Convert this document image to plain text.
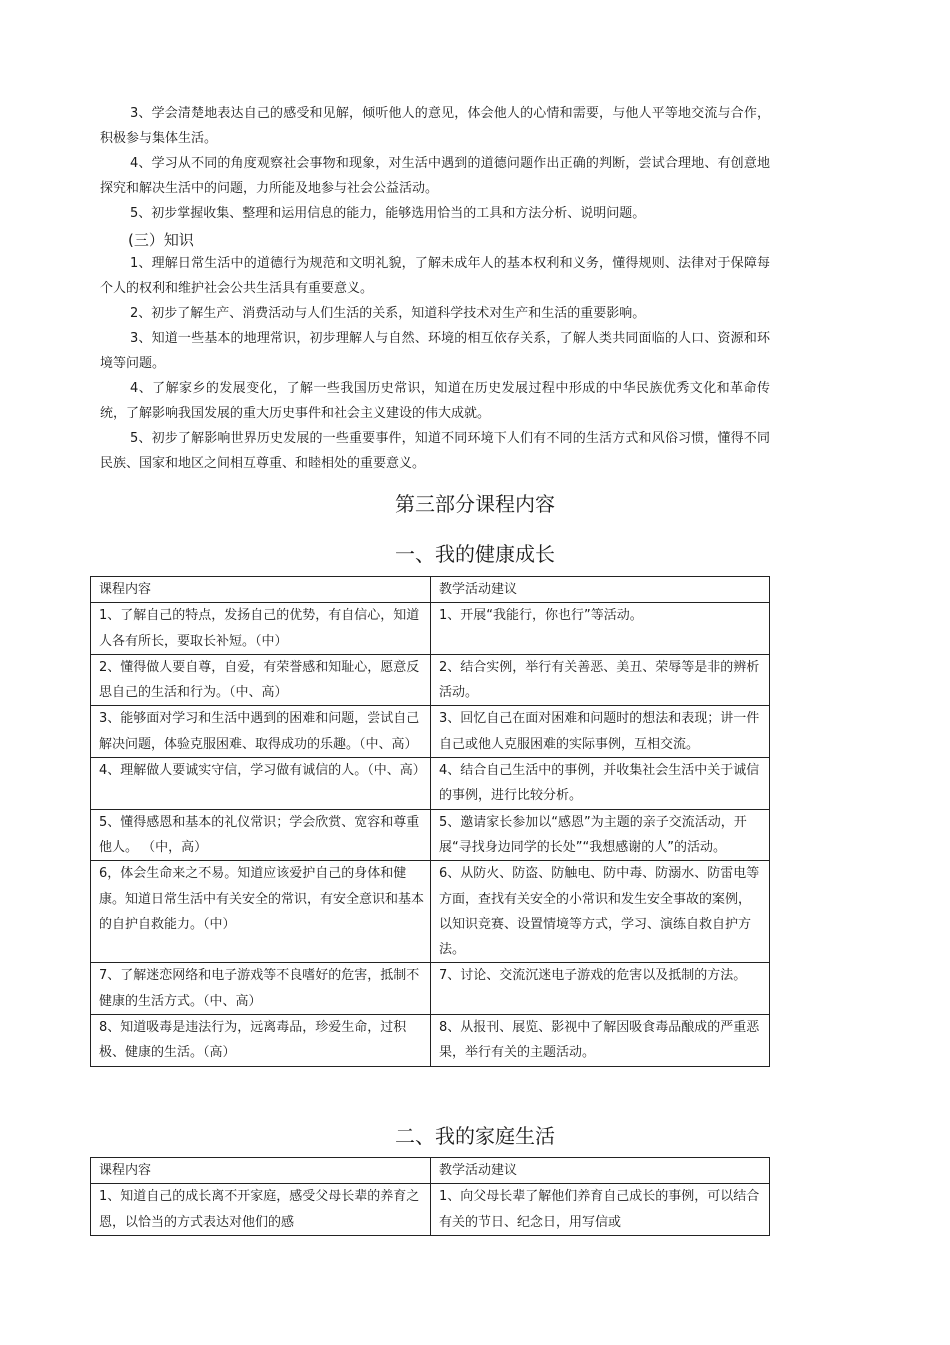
3、学会清楚地表达自己的感受和见解，倾听他人的意见，体会他人的心情和需要，与他人平等地交流与合作，积极参与集体生活。

4、学习从不同的角度观察社会事物和现象，对生活中遇到的道德问题作出正确的判断，尝试合理地、有创意地探究和解决生活中的问题，力所能及地参与社会公益活动。

5、初步掌握收集、整理和运用信息的能力，能够选用恰当的工具和方法分析、说明问题。

(三）知识

1、理解日常生活中的道德行为规范和文明礼貌，了解未成年人的基本权利和义务，懂得规则、法律对于保障每个人的权利和维护社会公共生活具有重要意义。

2、初步了解生产、消费活动与人们生活的关系，知道科学技术对生产和生活的重要影响。

3、知道一些基本的地理常识，初步理解人与自然、环境的相互依存关系，了解人类共同面临的人口、资源和环境等问题。

4、了解家乡的发展变化，了解一些我国历史常识，知道在历史发展过程中形成的中华民族优秀文化和革命传统，了解影响我国发展的重大历史事件和社会主义建设的伟大成就。

5、初步了解影响世界历史发展的一些重要事件，知道不同环境下人们有不同的生活方式和风俗习惯，懂得不同民族、国家和地区之间相互尊重、和睦相处的重要意义。

第三部分课程内容
一、我的健康成长
课程内容	教学活动建议
1、了解自己的特点，发扬自己的优势，有自信心，知道人各有所长，要取长补短。（中）	1、开展“我能行，你也行”等活动。
2、懂得做人要自尊，自爱，有荣誉感和知耻心，愿意反思自己的生活和行为。（中、高）	2、结合实例，举行有关善恶、美丑、荣辱等是非的辨析活动。
3、能够面对学习和生活中遇到的困难和问题，尝试自己解决问题，体验克服困难、取得成功的乐趣。（中、高）	3、回忆自己在面对困难和问题时的想法和表现；讲一件自己或他人克服困难的实际事例，互相交流。
4、理解做人要诚实守信，学习做有诚信的人。（中、高）	4、结合自己生活中的事例，并收集社会生活中关于诚信的事例，进行比较分析。
5、懂得感恩和基本的礼仪常识；学会欣赏、宽容和尊重他人。 （中，高）	5、邀请家长参加以“感恩”为主题的亲子交流活动，开展“寻找身边同学的长处”“我想感谢的人”的活动。
6，体会生命来之不易。知道应该爱护自己的身体和健康。知道日常生活中有关安全的常识，有安全意识和基本的自护自救能力。（中）	6、从防火、防盗、防触电、防中毒、防溺水、防雷电等方面，查找有关安全的小常识和发生安全事故的案例，以知识竞赛、设置情境等方式，学习、演练自救自护方法。
7、了解迷恋网络和电子游戏等不良嗜好的危害，抵制不健康的生活方式。（中、高）	7、讨论、交流沉迷电子游戏的危害以及抵制的方法。
8、知道吸毒是违法行为，远离毒品，珍爱生命，过积极、健康的生活。（高）	8、从报刊、展览、影视中了解因吸食毒品酿成的严重恶果，举行有关的主题活动。
二、我的家庭生活
课程内容	教学活动建议
1、知道自己的成长离不开家庭，感受父母长辈的养育之恩，以恰当的方式表达对他们的感	1、向父母长辈了解他们养育自己成长的事例，可以结合有关的节日、纪念日，用写信或
